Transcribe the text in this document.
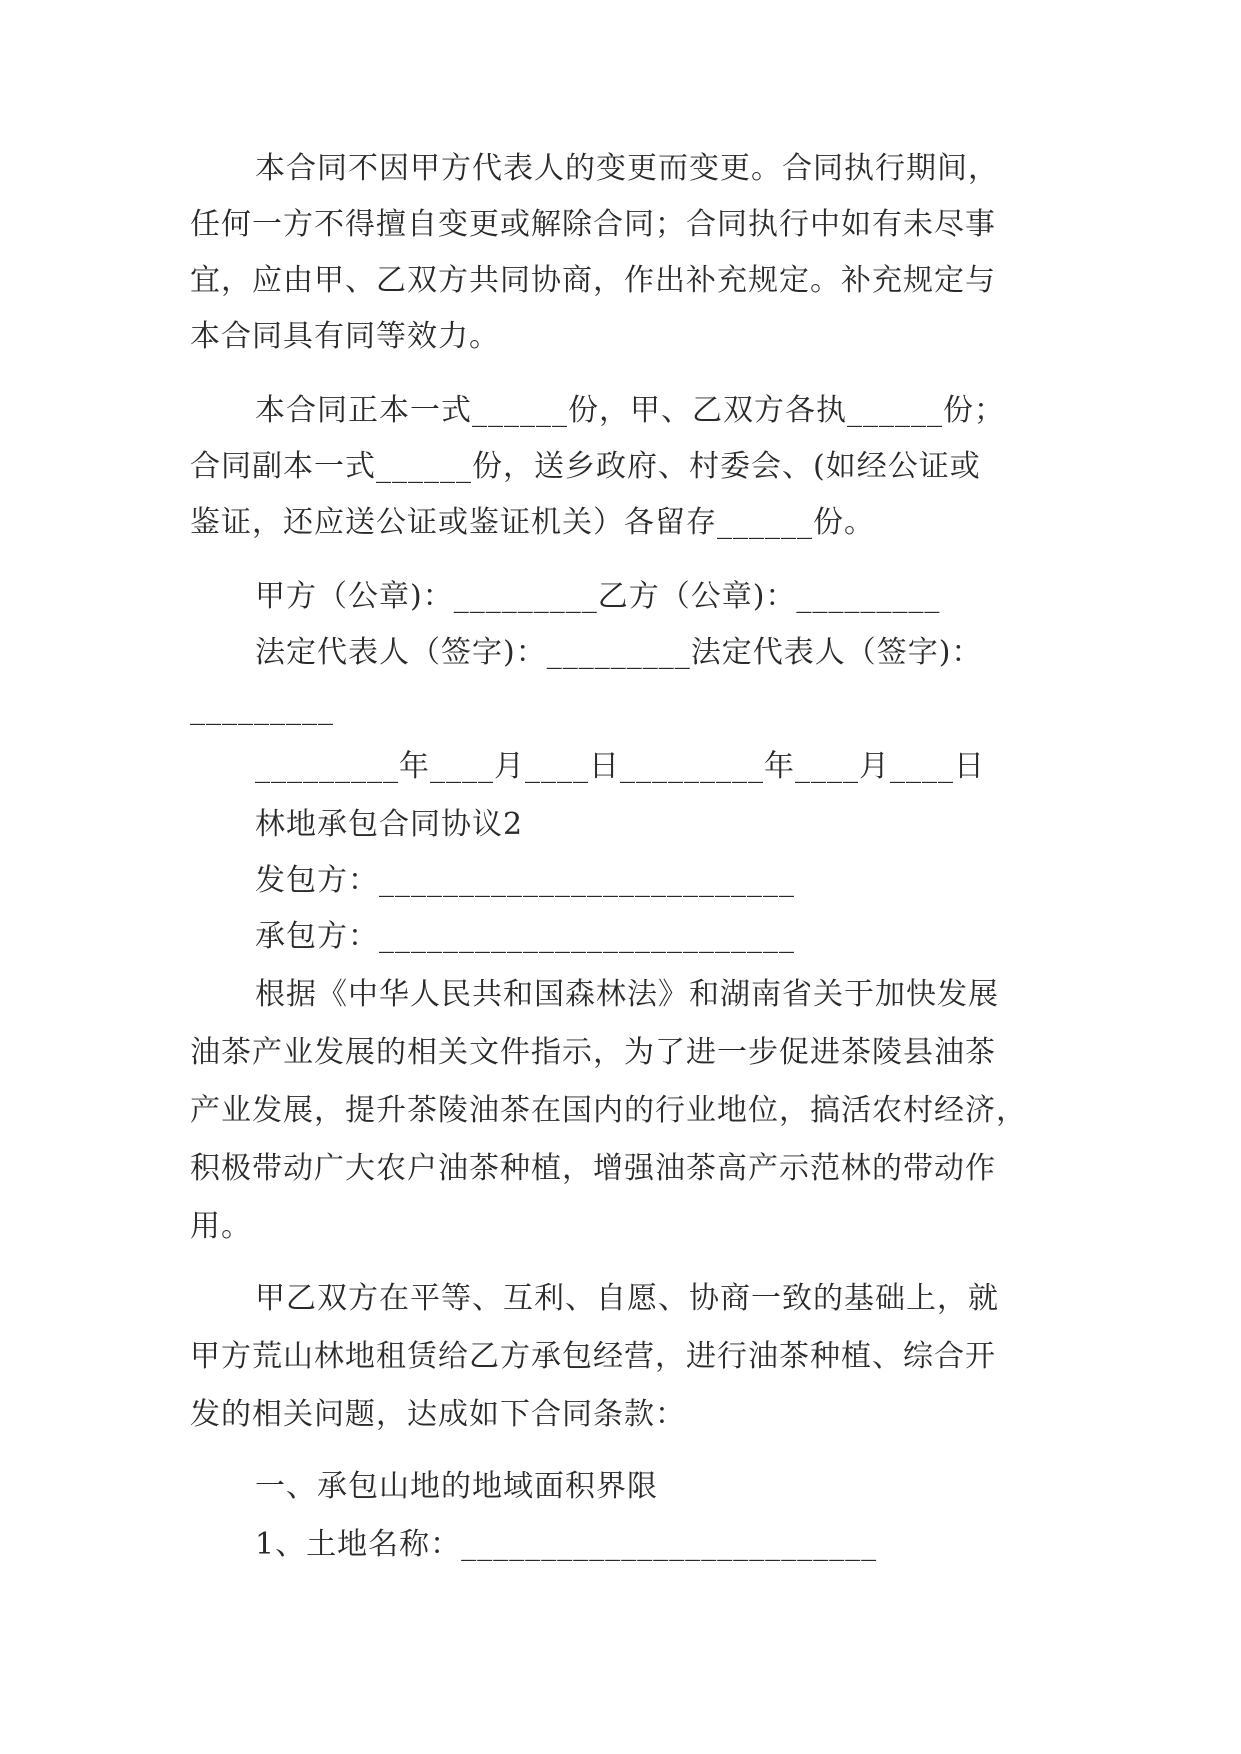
本合同不因甲方代表人的变更而变更。合同执行期间，
任何一方不得擅自变更或解除合同；合同执行中如有未尽事
宜，应由甲、乙双方共同协商，作出补充规定。补充规定与
本合同具有同等效力。
本合同正本一式______份，甲、乙双方各执______份；
合同副本一式______份，送乡政府、村委会、(如经公证或
鉴证，还应送公证或鉴证机关）各留存______份。
甲方（公章)：_________乙方（公章)：_________
法定代表人（签字)：_________法定代表人（签字)：
_________
_________年____月____日_________年____月____日
林地承包合同协议2
发包方：__________________________
承包方：__________________________
根据《中华人民共和国森林法》和湖南省关于加快发展
油茶产业发展的相关文件指示，为了进一步促进茶陵县油茶
产业发展，提升茶陵油茶在国内的行业地位，搞活农村经济，
积极带动广大农户油茶种植，增强油茶高产示范林的带动作
用。
甲乙双方在平等、互利、自愿、协商一致的基础上，就
甲方荒山林地租赁给乙方承包经营，进行油茶种植、综合开
发的相关问题，达成如下合同条款：
一、承包山地的地域面积界限
1、土地名称：__________________________
